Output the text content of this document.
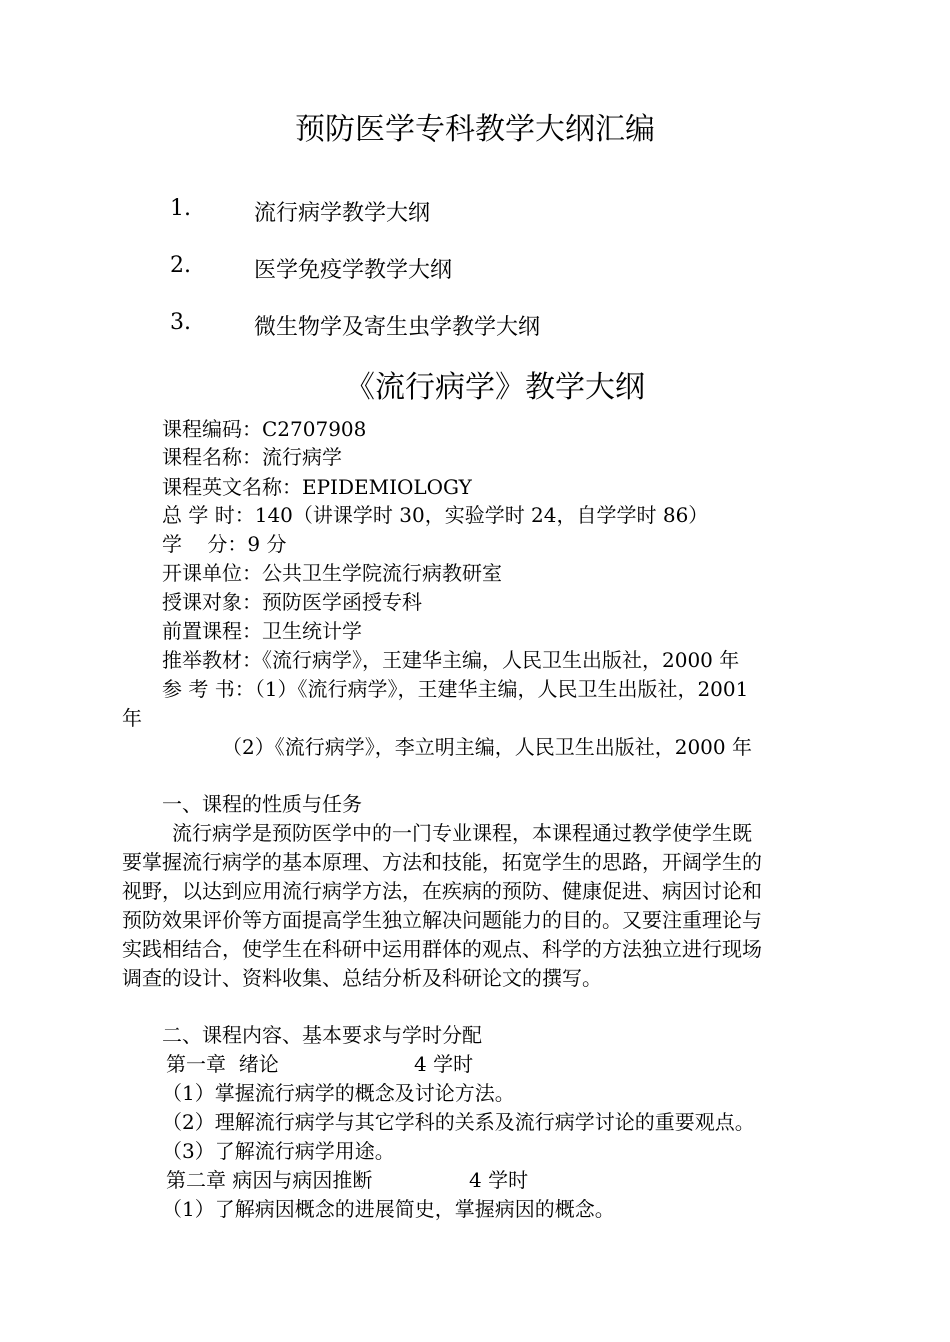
预防医学专科教学大纲汇编
1.	流行病学教学大纲
2.	医学免疫学教学大纲
3.	微生物学及寄生虫学教学大纲
《流行病学》教学大纲
课程编码：C2707908
课程名称：流行病学
课程英文名称：EPIDEMIOLOGY
总 学 时：140（讲课学时 30，实验学时 24，自学学时 86）
学    分：9 分
开课单位：公共卫生学院流行病教研室
授课对象：预防医学函授专科
前置课程：卫生统计学
推举教材：《流行病学》，王建华主编，人民卫生出版社，2000 年
参 考 书：（1）《流行病学》，王建华主编，人民卫生出版社，2001
年
（2）《流行病学》，李立明主编，人民卫生出版社，2000 年
一、课程的性质与任务
流行病学是预防医学中的一门专业课程，本课程通过教学使学生既
要掌握流行病学的基本原理、方法和技能，拓宽学生的思路，开阔学生的
视野，以达到应用流行病学方法，在疾病的预防、健康促进、病因讨论和
预防效果评价等方面提高学生独立解决问题能力的目的。又要注重理论与
实践相结合，使学生在科研中运用群体的观点、科学的方法独立进行现场
调查的设计、资料收集、总结分析及科研论文的撰写。
二、课程内容、基本要求与学时分配
第一章  绪论	4 学时
（1）掌握流行病学的概念及讨论方法。
（2）理解流行病学与其它学科的关系及流行病学讨论的重要观点。
（3）了解流行病学用途。
第二章 病因与病因推断	4 学时
（1）了解病因概念的进展简史，掌握病因的概念。
